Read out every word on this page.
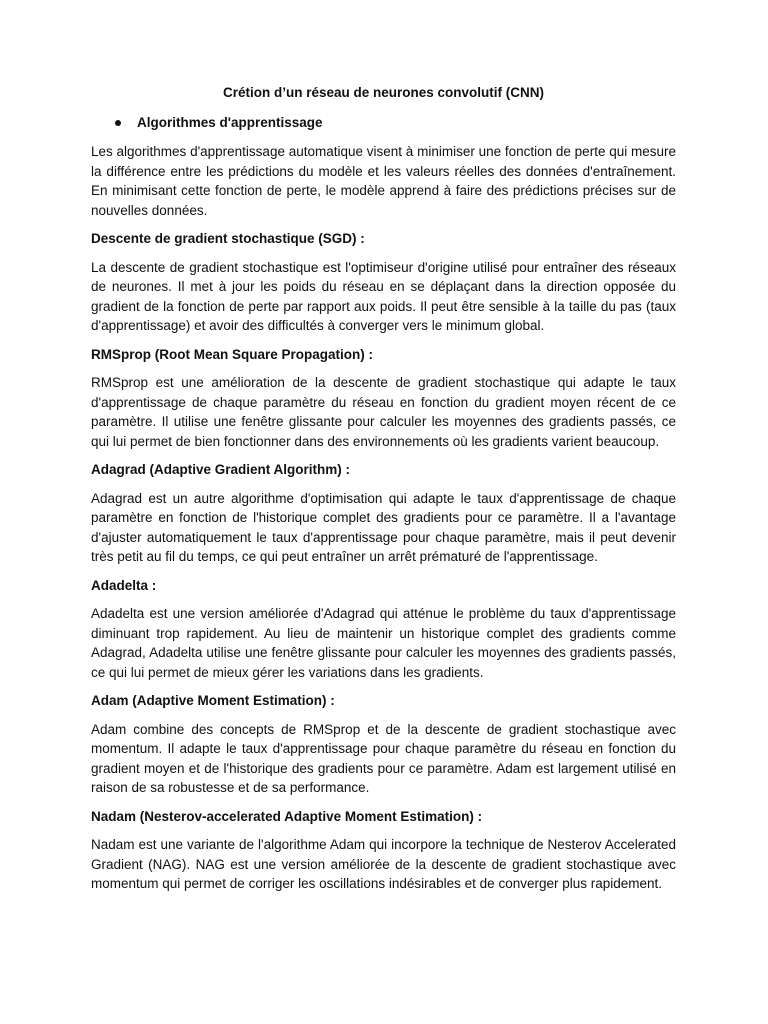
Crétion d’un réseau de neurones convolutif (CNN)
Algorithmes d'apprentissage

Les algorithmes d'apprentissage automatique visent à minimiser une fonction de perte qui mesure la différence entre les prédictions du modèle et les valeurs réelles des données d'entraînement. En minimisant cette fonction de perte, le modèle apprend à faire des prédictions précises sur de nouvelles données.

Descente de gradient stochastique (SGD) :

La descente de gradient stochastique est l'optimiseur d'origine utilisé pour entraîner des réseaux de neurones. Il met à jour les poids du réseau en se déplaçant dans la direction opposée du gradient de la fonction de perte par rapport aux poids. Il peut être sensible à la taille du pas (taux d'apprentissage) et avoir des difficultés à converger vers le minimum global.

RMSprop (Root Mean Square Propagation) :

RMSprop est une amélioration de la descente de gradient stochastique qui adapte le taux d'apprentissage de chaque paramètre du réseau en fonction du gradient moyen récent de ce paramètre. Il utilise une fenêtre glissante pour calculer les moyennes des gradients passés, ce qui lui permet de bien fonctionner dans des environnements où les gradients varient beaucoup.

Adagrad (Adaptive Gradient Algorithm) :

Adagrad est un autre algorithme d'optimisation qui adapte le taux d'apprentissage de chaque paramètre en fonction de l'historique complet des gradients pour ce paramètre. Il a l'avantage d'ajuster automatiquement le taux d'apprentissage pour chaque paramètre, mais il peut devenir très petit au fil du temps, ce qui peut entraîner un arrêt prématuré de l'apprentissage.

Adadelta :

Adadelta est une version améliorée d'Adagrad qui atténue le problème du taux d'apprentissage diminuant trop rapidement. Au lieu de maintenir un historique complet des gradients comme Adagrad, Adadelta utilise une fenêtre glissante pour calculer les moyennes des gradients passés, ce qui lui permet de mieux gérer les variations dans les gradients.

Adam (Adaptive Moment Estimation) :

Adam combine des concepts de RMSprop et de la descente de gradient stochastique avec momentum. Il adapte le taux d'apprentissage pour chaque paramètre du réseau en fonction du gradient moyen et de l'historique des gradients pour ce paramètre. Adam est largement utilisé en raison de sa robustesse et de sa performance.

Nadam (Nesterov-accelerated Adaptive Moment Estimation) :

Nadam est une variante de l'algorithme Adam qui incorpore la technique de Nesterov Accelerated Gradient (NAG). NAG est une version améliorée de la descente de gradient stochastique avec momentum qui permet de corriger les oscillations indésirables et de converger plus rapidement.
